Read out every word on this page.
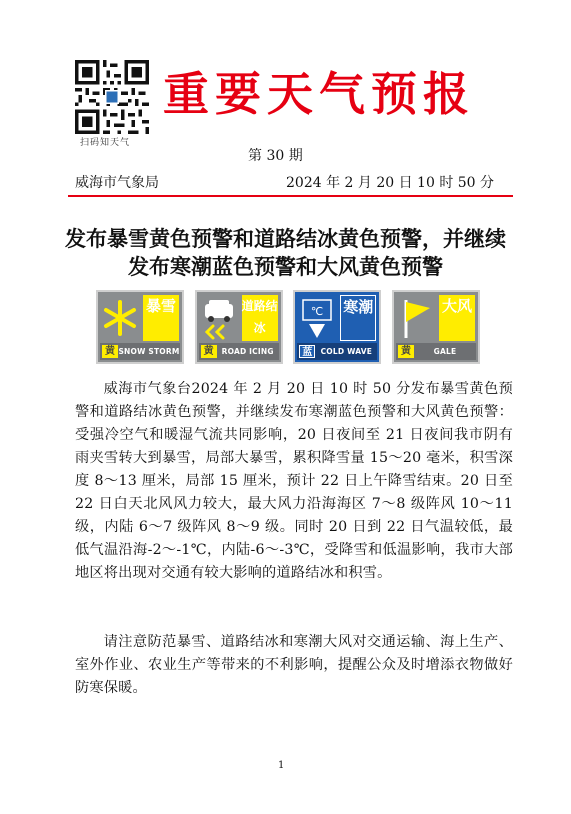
扫码知天气
重要天气预报
第 30 期
威海市气象局	2024 年 2 月 20 日 10 时 50 分
发布暴雪黄色预警和道路结冰黄色预警，并继续
发布寒潮蓝色预警和大风黄色预警
暴雪
黄 SNOW STORM
道路结冰
黄	ROAD ICING
℃ 寒潮
蓝	COLD WAVE
大风
黄	GALE
威海市气象台2024 年 2 月 20 日 10 时 50 分发布暴雪黄色预警和道路结冰黄色预警，并继续发布寒潮蓝色预警和大风黄色预警：受强冷空气和暖湿气流共同影响，20 日夜间至 21 日夜间我市阴有雨夹雪转大到暴雪，局部大暴雪，累积降雪量 15～20 毫米，积雪深度 8～13 厘米，局部 15 厘米，预计 22 日上午降雪结束。20 日至 22 日白天北风风力较大，最大风力沿海海区 7～8 级阵风 10～11 级，内陆 6～7 级阵风 8～9 级。同时 20 日到 22 日气温较低，最低气温沿海-2～-1℃，内陆-6～-3℃，受降雪和低温影响，我市大部地区将出现对交通有较大影响的道路结冰和积雪。
请注意防范暴雪、道路结冰和寒潮大风对交通运输、海上生产、室外作业、农业生产等带来的不利影响，提醒公众及时增添衣物做好防寒保暖。
1
